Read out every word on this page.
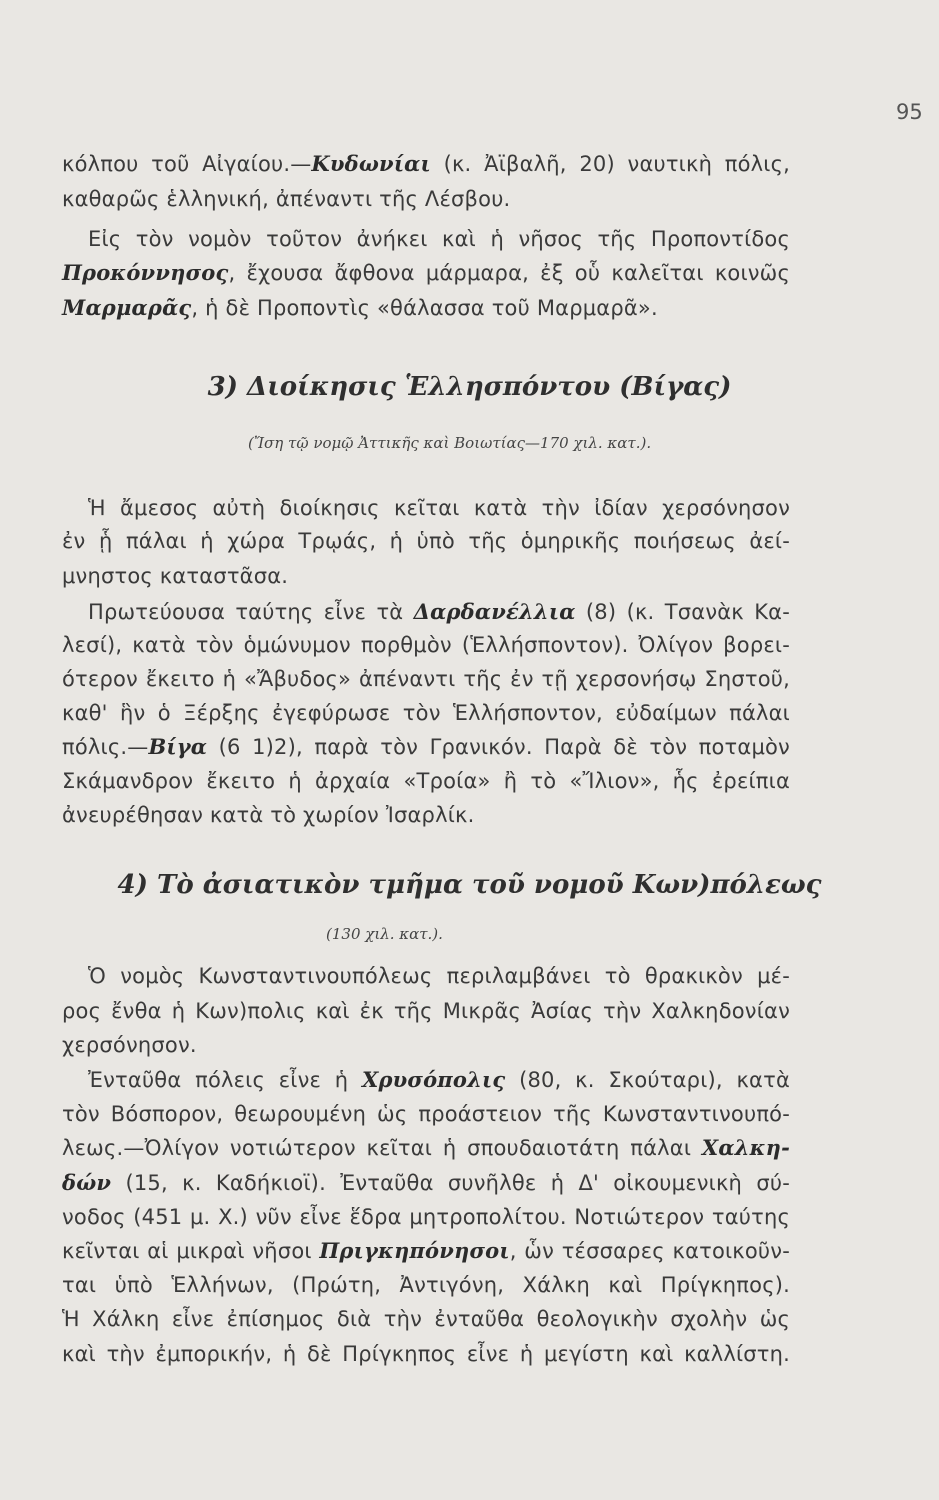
95
κόλπου τοῦ Αἰγαίου.—Κυδωνίαι (κ. Ἀϊβαλῆ, 20) ναυτικὴ πόλις,
καθαρῶς ἑλληνική, ἀπέναντι τῆς Λέσβου.
Εἰς τὸν νομὸν τοῦτον ἀνήκει καὶ ἡ νῆσος τῆς Προποντίδος
Προκόννησος, ἔχουσα ἄφθονα μάρμαρα, ἐξ οὗ καλεῖται κοινῶς
Μαρμαρᾶς, ἡ δὲ Προποντὶς «θάλασσα τοῦ Μαρμαρᾶ».
3) Διοίκησις Ἑλλησπόντου (Βίγας)
(Ἴση τῷ νομῷ Ἀττικῆς καὶ Βοιωτίας—170 χιλ. κατ.).
Ἡ ἄμεσος αὐτὴ διοίκησις κεῖται κατὰ τὴν ἰδίαν χερσόνησον
ἐν ᾗ πάλαι ἡ χώρα Τρῳάς, ἡ ὑπὸ τῆς ὁμηρικῆς ποιήσεως ἀεί-
μνηστος καταστᾶσα.
Πρωτεύουσα ταύτης εἶνε τὰ Δαρδανέλλια (8) (κ. Τσανὰκ Κα-
λεσί), κατὰ τὸν ὁμώνυμον πορθμὸν (Ἑλλήσποντον). Ὀλίγον βορει-
ότερον ἔκειτο ἡ «Ἄβυδος» ἀπέναντι τῆς ἐν τῇ χερσονήσῳ Σηστοῦ,
καθ' ἣν ὁ Ξέρξης ἐγεφύρωσε τὸν Ἑλλήσποντον, εὐδαίμων πάλαι
πόλις.—Βίγα (6 1)2), παρὰ τὸν Γρανικόν. Παρὰ δὲ τὸν ποταμὸν
Σκάμανδρον ἔκειτο ἡ ἀρχαία «Τροία» ἢ τὸ «Ἴλιον», ἧς ἐρείπια
ἀνευρέθησαν κατὰ τὸ χωρίον Ἰσαρλίκ.
4) Τὸ ἀσιατικὸν τμῆμα τοῦ νομοῦ Κων)πόλεως
(130 χιλ. κατ.).
Ὁ νομὸς Κωνσταντινουπόλεως περιλαμβάνει τὸ θρακικὸν μέ-
ρος ἔνθα ἡ Κων)πολις καὶ ἐκ τῆς Μικρᾶς Ἀσίας τὴν Χαλκηδονίαν
χερσόνησον.
Ἐνταῦθα πόλεις εἶνε ἡ Χρυσόπολις (80, κ. Σκούταρι), κατὰ
τὸν Βόσπορον, θεωρουμένη ὡς προάστειον τῆς Κωνσταντινουπό-
λεως.—Ὀλίγον νοτιώτερον κεῖται ἡ σπουδαιοτάτη πάλαι Χαλκη-
δών (15, κ. Καδήκιοϊ). Ἐνταῦθα συνῆλθε ἡ Δ' οἰκουμενικὴ σύ-
νοδος (451 μ. Χ.) νῦν εἶνε ἕδρα μητροπολίτου. Νοτιώτερον ταύτης
κεῖνται αἱ μικραὶ νῆσοι Πριγκηπόνησοι, ὧν τέσσαρες κατοικοῦν-
ται ὑπὸ Ἑλλήνων, (Πρώτη, Ἀντιγόνη, Χάλκη καὶ Πρίγκηπος).
Ἡ Χάλκη εἶνε ἐπίσημος διὰ τὴν ἐνταῦθα θεολογικὴν σχολὴν ὡς
καὶ τὴν ἐμπορικήν, ἡ δὲ Πρίγκηπος εἶνε ἡ μεγίστη καὶ καλλίστη.
